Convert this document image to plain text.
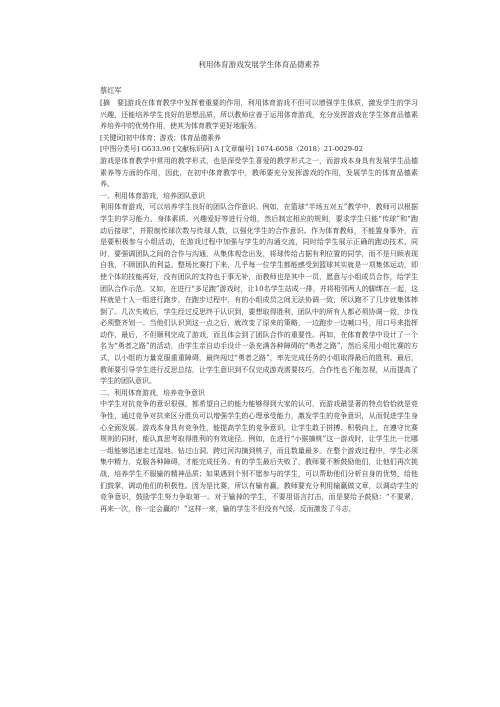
利用体育游戏发展学生体育品德素养

蔡红军

[摘　要]游戏在体育教学中发挥着重要的作用，利用体育游戏不但可以增强学生体质，激发学生的学习兴趣，还能培养学生良好的思想品质，所以教师应善于运用体育游戏，充分发挥游戏在学生体育品德素养培养中的优势作用，使其为体育教学更好地服务。

[关键词]初中体育；游戏；体育品德素养

[中图分类号] G633.96 [文献标识码] A [文章编号] 1674-6058（2018）21-0029-02

游戏是体育教学中常用的教学形式，也是深受学生喜爱的教学形式之一，而游戏本身具有发展学生品德素养等方面的作用，因此，在初中体育教学中，教师要充分发挥游戏的作用，发展学生的体育品德素养。

一、利用体育游戏，培养团队意识

利用体育游戏，可以培养学生良好的团队合作意识。例如，在篮球“半场五对五”教学中，教师可以根据学生的学习能力、身体素质、兴趣爱好等进行分组，然后制定相应的规则，要求学生只能“传球”和“跑动后接球”，并限制传球次数与传球人数，以强化学生的合作意识。作为体育教师，不能置身事外，而是要积极参与小组活动，在游戏过程中加强与学生的沟通交流，同时给学生展示正确的跑动技术。同时，要强调团队之间的合作与沟通，从集体观念出发，将球传给占据有利位置的同学，而不是只顾表现自我，不顾团队的利益。整场比赛打下来，几乎每一位学生都能感受到篮球其实就是一项集体运动，即使个体的技能再好，没有团队的支持也于事无补，而教师也是其中一员，愿意与小组成员合作，给学生团队合作示范。又如，在进行“多足跑”游戏时，让10名学生站成一排，并将相邻两人的脚绑在一起，这样就是十人一组进行跑步。在跑步过程中，有的小组成员之间无法协调一致，所以跑不了几步就集体摔倒了。几次失败后，学生经过反思终于认识到，要想取得胜利，团队中的所有人都必须协调一致，步伐必须整齐划一。当他们认识到这一点之后，就改变了原来的策略，一边跑步一边喊口号，用口号来指挥动作，最后，不但顺利完成了游戏，而且体会到了团队合作的重要性。再如，在体育教学中设计了一个名为“勇者之路”的活动，由学生亲自动手设计一条充满各种障碍的“勇者之路”，然后采用小组比赛的方式，以小组的力量克服重重障碍，最终闯过“勇者之路”，率先完成任务的小组取得最后的胜利。最后，教师要引导学生进行反思总结，让学生意识到不仅完成游戏需要技巧，合作性也不能忽视，从而提高了学生的团队意识。

二、利用体育游戏，培养竞争意识

中学生对抗竞争的意识很强，都希望自己的能力能够得到大家的认可，而游戏最显著的特点恰恰就是竞争性，通过竞争对抗来区分胜负可以增强学生的心理承受能力，激发学生的竞争意识，从而促进学生身心全面发展。游戏本身具有竞争性，能提高学生的竞争意识，让学生敢于拼搏、积极向上，在遵守比赛规则的同时，能认真思考取得胜利的有效途径。例如，在进行“小猴摘桃”这一游戏时，让学生比一比哪一组能够迅速走过湿地、钻过山洞、跨过河沟摘到桃子，而且数量最多。在整个游戏过程中，学生必须集中精力，克服各种障碍，才能完成任务。有的学生最后失败了，教师要不断鼓励他们，让他们再次挑战，培养学生不服输的精神品质；如果遇到个别不愿参与的学生，可以帮助他们分析自身的优势，给他们鼓掌，调动他们的积极性。因为是比赛，所以有输有赢，教师要充分利用输赢做文章，以调动学生的竞争意识，鼓励学生努力争取第一。对于输掉的学生，不要用语言打击，而是要给予鼓励：“不要紧，再来一次，你一定会赢的！”这样一来，输的学生不但没有气馁，反而激发了斗志，
